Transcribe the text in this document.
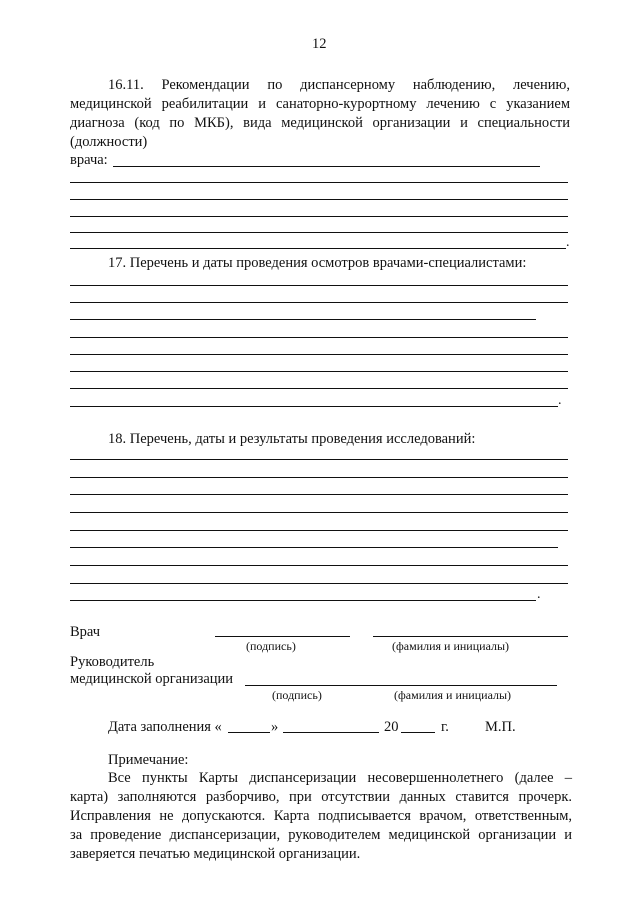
12
16.11. Рекомендации по диспансерному наблюдению, лечению,
медицинской реабилитации и санаторно-курортному лечению с указанием
диагноза (код по МКБ), вида медицинской организации и специальности
(должности)
врача:
.
17. Перечень и даты проведения осмотров врачами-специалистами:
.
18. Перечень, даты и результаты проведения исследований:
.
Врач
(подпись)	(фамилия и инициалы)
Руководитель
медицинской организации
(подпись)	(фамилия и инициалы)
Дата заполнения «	»	20	г. М.П.
Примечание:
Все пункты Карты диспансеризации несовершеннолетнего (далее –
карта) заполняются разборчиво, при отсутствии данных ставится прочерк.
Исправления не допускаются. Карта подписывается врачом, ответственным,
за проведение диспансеризации, руководителем медицинской организации и
заверяется печатью медицинской организации.
